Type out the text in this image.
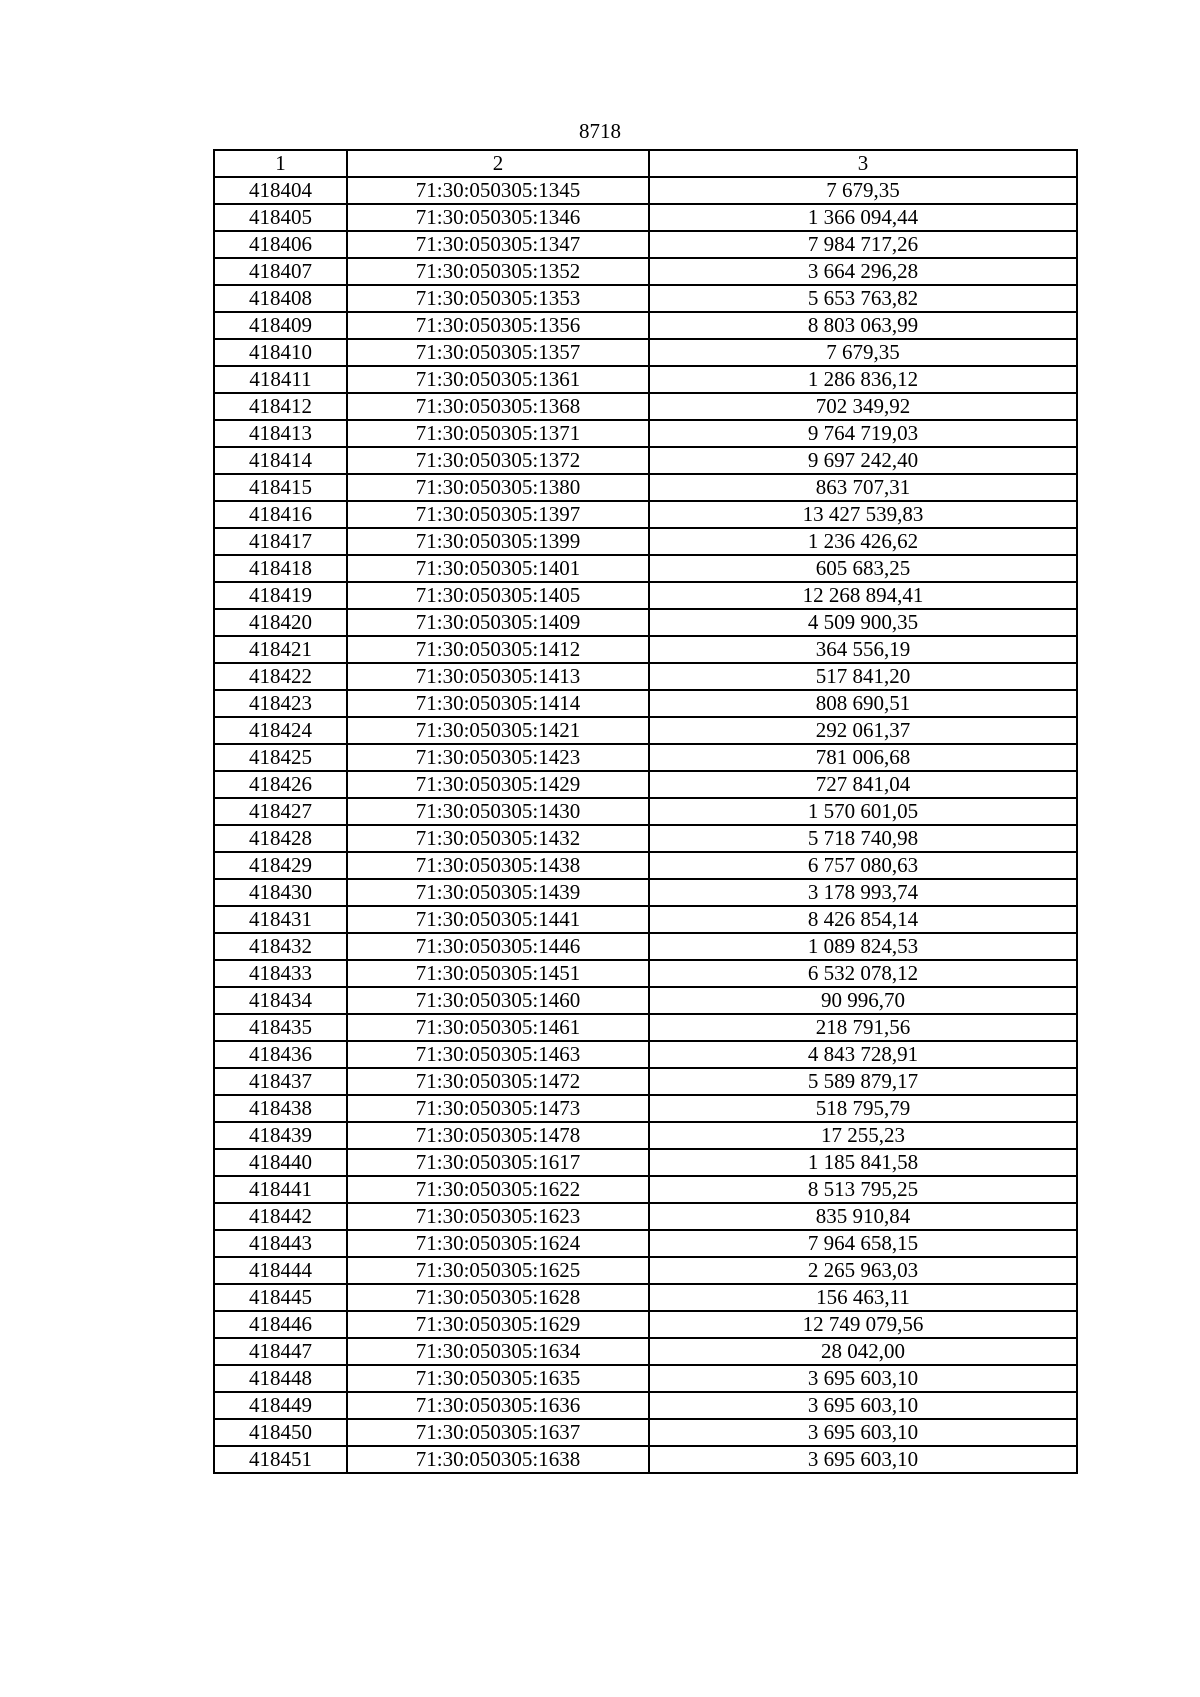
8718
1	2	3
418404	71:30:050305:1345	7 679,35
418405	71:30:050305:1346	1 366 094,44
418406	71:30:050305:1347	7 984 717,26
418407	71:30:050305:1352	3 664 296,28
418408	71:30:050305:1353	5 653 763,82
418409	71:30:050305:1356	8 803 063,99
418410	71:30:050305:1357	7 679,35
418411	71:30:050305:1361	1 286 836,12
418412	71:30:050305:1368	702 349,92
418413	71:30:050305:1371	9 764 719,03
418414	71:30:050305:1372	9 697 242,40
418415	71:30:050305:1380	863 707,31
418416	71:30:050305:1397	13 427 539,83
418417	71:30:050305:1399	1 236 426,62
418418	71:30:050305:1401	605 683,25
418419	71:30:050305:1405	12 268 894,41
418420	71:30:050305:1409	4 509 900,35
418421	71:30:050305:1412	364 556,19
418422	71:30:050305:1413	517 841,20
418423	71:30:050305:1414	808 690,51
418424	71:30:050305:1421	292 061,37
418425	71:30:050305:1423	781 006,68
418426	71:30:050305:1429	727 841,04
418427	71:30:050305:1430	1 570 601,05
418428	71:30:050305:1432	5 718 740,98
418429	71:30:050305:1438	6 757 080,63
418430	71:30:050305:1439	3 178 993,74
418431	71:30:050305:1441	8 426 854,14
418432	71:30:050305:1446	1 089 824,53
418433	71:30:050305:1451	6 532 078,12
418434	71:30:050305:1460	90 996,70
418435	71:30:050305:1461	218 791,56
418436	71:30:050305:1463	4 843 728,91
418437	71:30:050305:1472	5 589 879,17
418438	71:30:050305:1473	518 795,79
418439	71:30:050305:1478	17 255,23
418440	71:30:050305:1617	1 185 841,58
418441	71:30:050305:1622	8 513 795,25
418442	71:30:050305:1623	835 910,84
418443	71:30:050305:1624	7 964 658,15
418444	71:30:050305:1625	2 265 963,03
418445	71:30:050305:1628	156 463,11
418446	71:30:050305:1629	12 749 079,56
418447	71:30:050305:1634	28 042,00
418448	71:30:050305:1635	3 695 603,10
418449	71:30:050305:1636	3 695 603,10
418450	71:30:050305:1637	3 695 603,10
418451	71:30:050305:1638	3 695 603,10
